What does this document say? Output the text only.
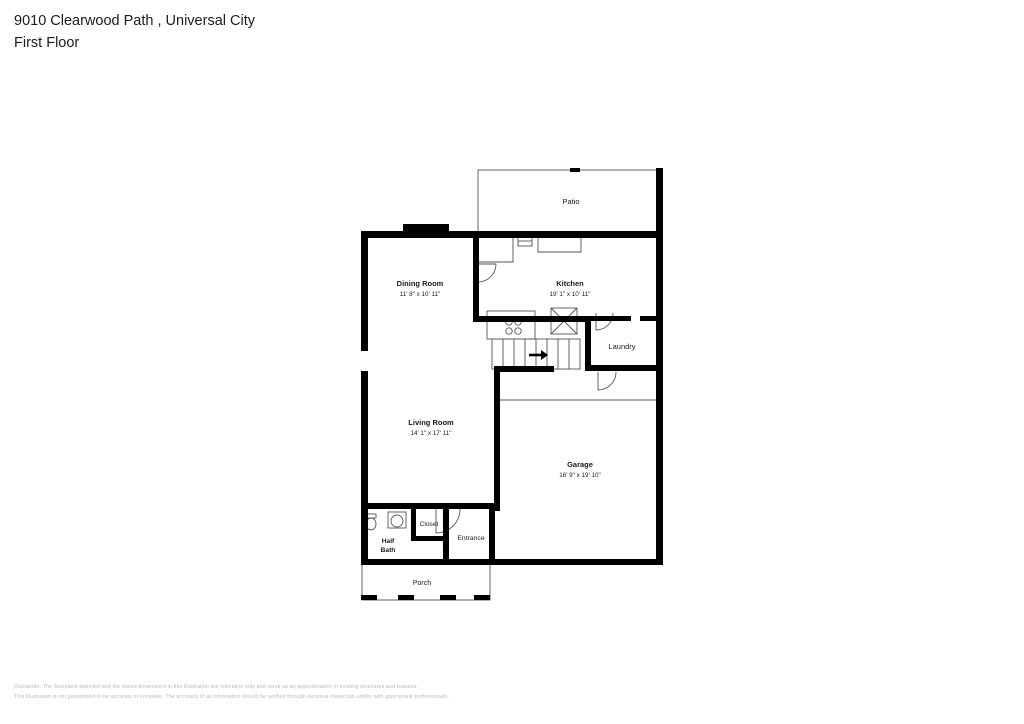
9010 Clearwood Path , Universal City
First Floor
Patio
Dining Room
11' 8" x 10' 11"
Kitchen
19' 1" x 10' 11"
Laundry
Living Room
14' 1" x 17' 11"
Garage
16' 9" x 19' 10"
Closet
Half
Bath
Entrance
Porch
Disclaimer: The floorplans depicted and the stated dimensions in this illustration are indicative only and serve as an approximation of existing structures and features.
This illustration is not guaranteed to be accurate or complete. The accuracy of all information should be verified through personal inspection and/or with appropriate professionals.
